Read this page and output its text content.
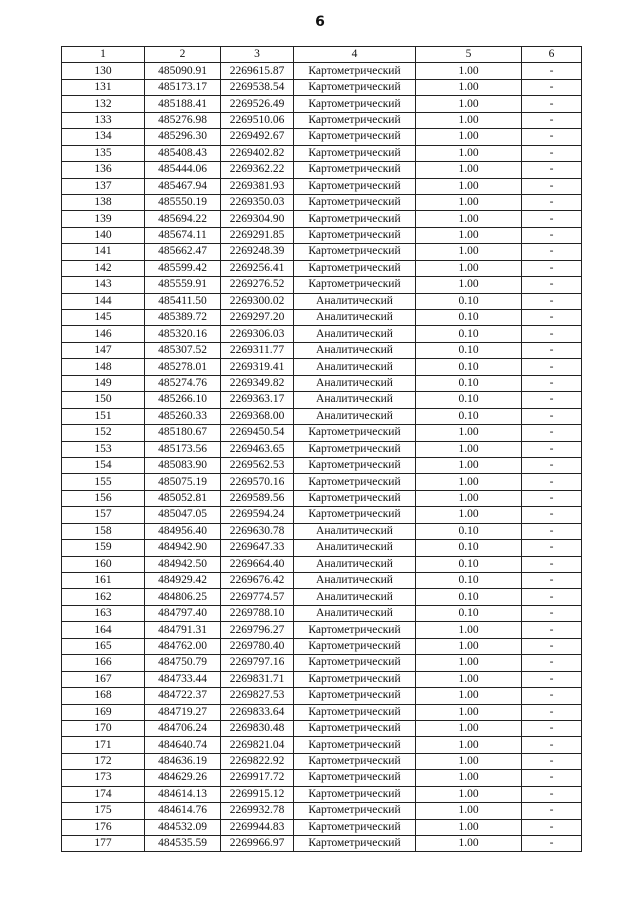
6
1	2	3	4	5	6
130	485090.91	2269615.87	Картометрический	1.00	-
131	485173.17	2269538.54	Картометрический	1.00	-
132	485188.41	2269526.49	Картометрический	1.00	-
133	485276.98	2269510.06	Картометрический	1.00	-
134	485296.30	2269492.67	Картометрический	1.00	-
135	485408.43	2269402.82	Картометрический	1.00	-
136	485444.06	2269362.22	Картометрический	1.00	-
137	485467.94	2269381.93	Картометрический	1.00	-
138	485550.19	2269350.03	Картометрический	1.00	-
139	485694.22	2269304.90	Картометрический	1.00	-
140	485674.11	2269291.85	Картометрический	1.00	-
141	485662.47	2269248.39	Картометрический	1.00	-
142	485599.42	2269256.41	Картометрический	1.00	-
143	485559.91	2269276.52	Картометрический	1.00	-
144	485411.50	2269300.02	Аналитический	0.10	-
145	485389.72	2269297.20	Аналитический	0.10	-
146	485320.16	2269306.03	Аналитический	0.10	-
147	485307.52	2269311.77	Аналитический	0.10	-
148	485278.01	2269319.41	Аналитический	0.10	-
149	485274.76	2269349.82	Аналитический	0.10	-
150	485266.10	2269363.17	Аналитический	0.10	-
151	485260.33	2269368.00	Аналитический	0.10	-
152	485180.67	2269450.54	Картометрический	1.00	-
153	485173.56	2269463.65	Картометрический	1.00	-
154	485083.90	2269562.53	Картометрический	1.00	-
155	485075.19	2269570.16	Картометрический	1.00	-
156	485052.81	2269589.56	Картометрический	1.00	-
157	485047.05	2269594.24	Картометрический	1.00	-
158	484956.40	2269630.78	Аналитический	0.10	-
159	484942.90	2269647.33	Аналитический	0.10	-
160	484942.50	2269664.40	Аналитический	0.10	-
161	484929.42	2269676.42	Аналитический	0.10	-
162	484806.25	2269774.57	Аналитический	0.10	-
163	484797.40	2269788.10	Аналитический	0.10	-
164	484791.31	2269796.27	Картометрический	1.00	-
165	484762.00	2269780.40	Картометрический	1.00	-
166	484750.79	2269797.16	Картометрический	1.00	-
167	484733.44	2269831.71	Картометрический	1.00	-
168	484722.37	2269827.53	Картометрический	1.00	-
169	484719.27	2269833.64	Картометрический	1.00	-
170	484706.24	2269830.48	Картометрический	1.00	-
171	484640.74	2269821.04	Картометрический	1.00	-
172	484636.19	2269822.92	Картометрический	1.00	-
173	484629.26	2269917.72	Картометрический	1.00	-
174	484614.13	2269915.12	Картометрический	1.00	-
175	484614.76	2269932.78	Картометрический	1.00	-
176	484532.09	2269944.83	Картометрический	1.00	-
177	484535.59	2269966.97	Картометрический	1.00	-
